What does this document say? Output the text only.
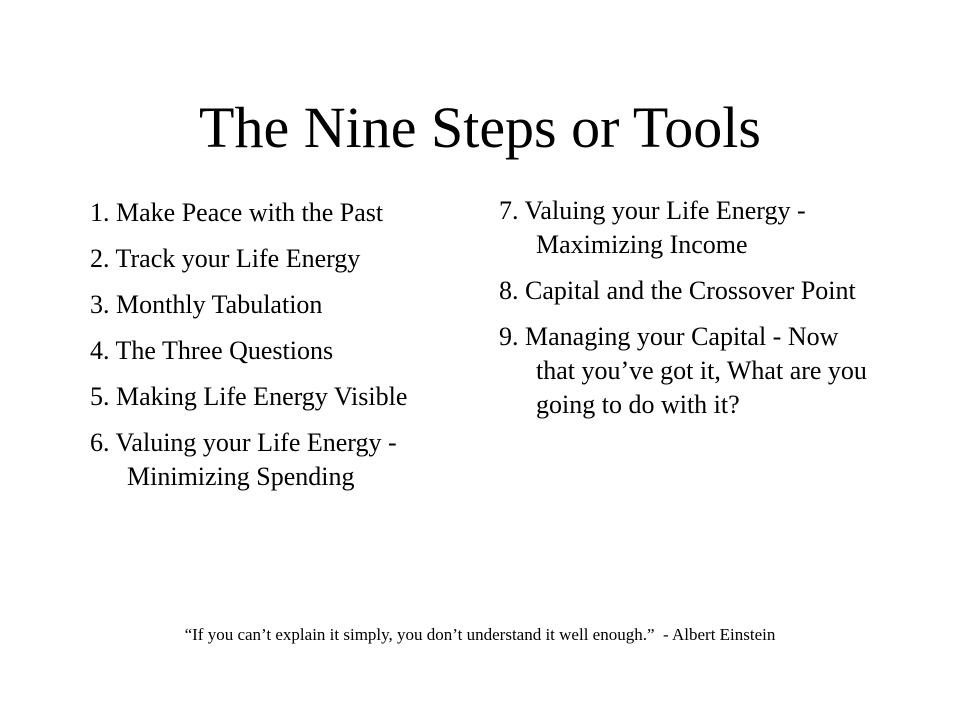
The Nine Steps or Tools
1. Make Peace with the Past
2. Track your Life Energy
3. Monthly Tabulation
4. The Three Questions
5. Making Life Energy Visible
6. Valuing your Life Energy - Minimizing Spending
7. Valuing your Life Energy - Maximizing Income
8. Capital and the Crossover Point
9. Managing your Capital - Now that you’ve got it, What are you going to do with it?
“If you can’t explain it simply, you don’t understand it well enough.”  - Albert Einstein
